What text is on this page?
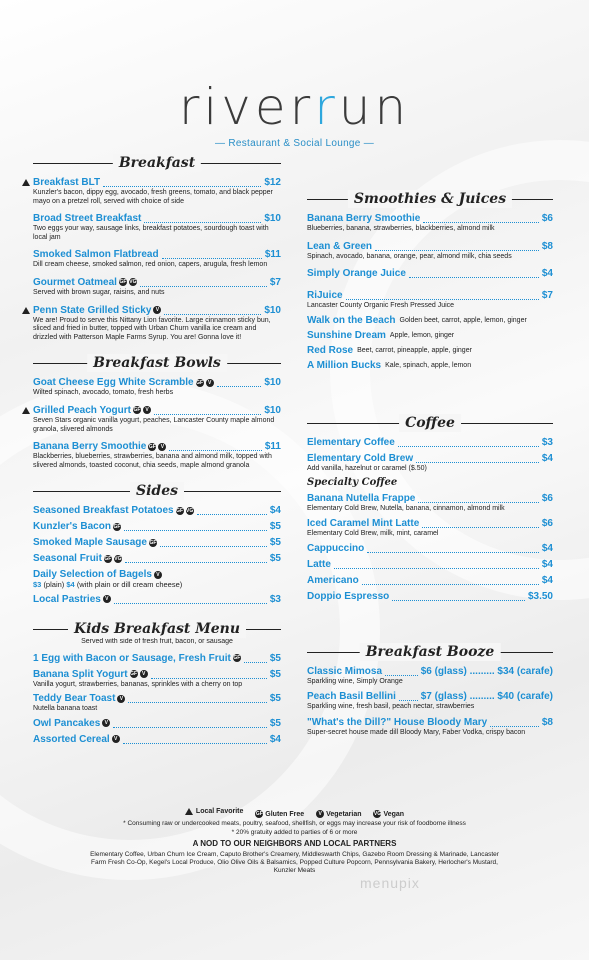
riverrun
— Restaurant & Social Lounge —
Breakfast
Breakfast BLT	$12
Kunzler's bacon, dippy egg, avocado, fresh greens, tomato, and black pepper mayo on a pretzel roll, served with choice of side
Broad Street Breakfast	$10
Two eggs your way, sausage links, breakfast potatoes, sourdough toast with local jam
Smoked Salmon Flatbread	$11
Dill cream cheese, smoked salmon, red onion, capers, arugula, fresh lemon
Gourmet Oatmeal GF VG	$7
Served with brown sugar, raisins, and nuts
Penn State Grilled Sticky V	$10
We are! Proud to serve this Nittany Lion favorite. Large cinnamon sticky bun, sliced and fried in butter, topped with Urban Churn vanilla ice cream and drizzled with Patterson Maple Farms Syrup. You are! Gonna love it!
Breakfast Bowls
Goat Cheese Egg White Scramble GF V	$10
Wilted spinach, avocado, tomato, fresh herbs
Grilled Peach Yogurt GF V	$10
Seven Stars organic vanilla yogurt, peaches, Lancaster County maple almond granola, slivered almonds
Banana Berry Smoothie GF V	$11
Blackberries, blueberries, strawberries, banana and almond milk, topped with slivered almonds, toasted coconut, chia seeds, maple almond granola
Sides
Seasoned Breakfast Potatoes GF VG	$4
Kunzler's Bacon GF	$5
Smoked Maple Sausage GF	$5
Seasonal Fruit GF VG	$5
Daily Selection of Bagels V
$3 (plain) $4 (with plain or dill cream cheese)
Local Pastries V	$3
Kids Breakfast Menu
Served with side of fresh fruit, bacon, or sausage
1 Egg with Bacon or Sausage, Fresh Fruit GF	$5
Banana Split Yogurt GF V	$5
Vanilla yogurt, strawberries, bananas, sprinkles with a cherry on top
Teddy Bear Toast V	$5
Nutella banana toast
Owl Pancakes V	$5
Assorted Cereal V	$4
Smoothies & Juices
Banana Berry Smoothie	$6
Blueberries, banana, strawberries, blackberries, almond milk
Lean & Green	$8
Spinach, avocado, banana, orange, pear, almond milk, chia seeds
Simply Orange Juice	$4
RiJuice	$7
Lancaster County Organic Fresh Pressed Juice
Walk on the Beach Golden beet, carrot, apple, lemon, ginger
Sunshine Dream Apple, lemon, ginger
Red Rose Beet, carrot, pineapple, apple, ginger
A Million Bucks Kale, spinach, apple, lemon
Coffee
Elementary Coffee	$3
Elementary Cold Brew	$4
Add vanilla, hazelnut or caramel ($.50)
Specialty Coffee
Banana Nutella Frappe	$6
Elementary Cold Brew, Nutella, banana, cinnamon, almond milk
Iced Caramel Mint Latte	$6
Elementary Cold Brew, milk, mint, caramel
Cappuccino	$4
Latte	$4
Americano	$4
Doppio Espresso	$3.50
Breakfast Booze
Classic Mimosa	$6 (glass) ......... $34 (carafe)
Sparkling wine, Simply Orange
Peach Basil Bellini $7 (glass) ......... $40 (carafe)
Sparkling wine, fresh basil, peach nectar, strawberries
"What's the Dill?" House Bloody Mary	$8
Super-secret house made dill Bloody Mary, Faber Vodka, crispy bacon
Local Favorite
GF
Gluten Free
	V
Vegetarian
VG
Vegan
* Consuming raw or undercooked meats, poultry, seafood, shellfish, or eggs may increase your risk of foodborne illness
* 20% gratuity added to parties of 6 or more
A NOD TO OUR NEIGHBORS AND LOCAL PARTNERS
Elementary Coffee, Urban Churn Ice Cream, Caputo Brother's Creamery, Middleswarth Chips, Gazebo Room Dressing & Marinade, Lancaster Farm Fresh Co-Op, Kegel's Local Produce, Olio Olive Oils & Balsamics, Popped Culture Popcorn, Pennsylvania Bakery, Herlocher's Mustard, Kunzler Meats
menupix
